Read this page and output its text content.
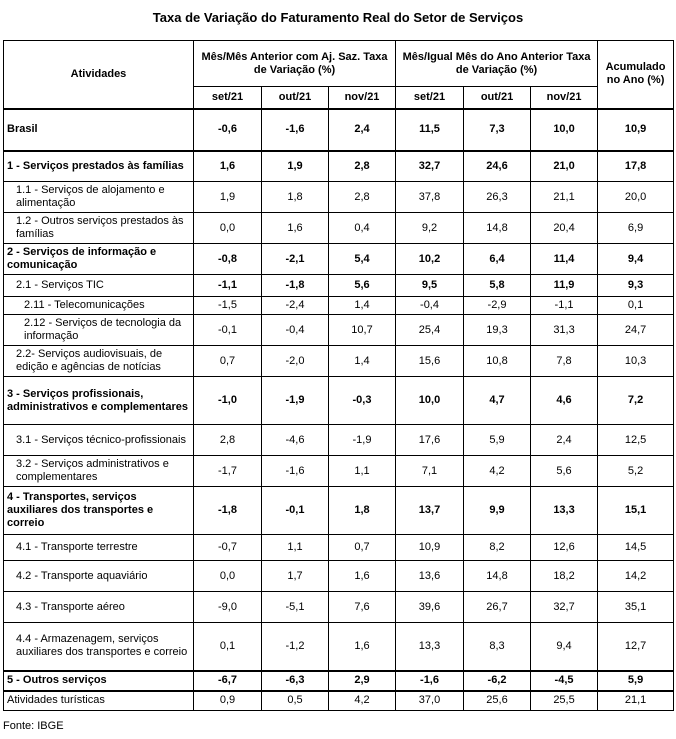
Taxa de Variação do Faturamento Real do Setor de Serviços
Atividades	Mês/Mês Anterior com Aj. Saz. Taxa de Variação (%)			Mês/Igual Mês do Ano Anterior Taxa de Variação (%)			Acumulado no Ano (%)
	set/21	out/21	nov/21	set/21	out/21	nov/21	
Brasil	-0,6	-1,6	2,4	11,5	7,3	10,0	10,9
1 - Serviços prestados às famílias	1,6	1,9	2,8	32,7	24,6	21,0	17,8
1.1 - Serviços de alojamento e alimentação	1,9	1,8	2,8	37,8	26,3	21,1	20,0
1.2 - Outros serviços prestados às famílias	0,0	1,6	0,4	9,2	14,8	20,4	6,9
2 - Serviços de informação e comunicação	-0,8	-2,1	5,4	10,2	6,4	11,4	9,4
2.1 - Serviços TIC	-1,1	-1,8	5,6	9,5	5,8	11,9	9,3
2.11 - Telecomunicações	-1,5	-2,4	1,4	-0,4	-2,9	-1,1	0,1
2.12 - Serviços de tecnologia da informação	-0,1	-0,4	10,7	25,4	19,3	31,3	24,7
2.2- Serviços audiovisuais, de edição e agências de notícias	0,7	-2,0	1,4	15,6	10,8	7,8	10,3
3 - Serviços profissionais, administrativos e complementares	-1,0	-1,9	-0,3	10,0	4,7	4,6	7,2
3.1 - Serviços técnico-profissionais	2,8	-4,6	-1,9	17,6	5,9	2,4	12,5
3.2 - Serviços administrativos e complementares	-1,7	-1,6	1,1	7,1	4,2	5,6	5,2
4 - Transportes, serviços auxiliares dos transportes e correio	-1,8	-0,1	1,8	13,7	9,9	13,3	15,1
4.1 - Transporte terrestre	-0,7	1,1	0,7	10,9	8,2	12,6	14,5
4.2 - Transporte aquaviário	0,0	1,7	1,6	13,6	14,8	18,2	14,2
4.3 - Transporte aéreo	-9,0	-5,1	7,6	39,6	26,7	32,7	35,1
4.4 - Armazenagem, serviços auxiliares dos transportes e correio	0,1	-1,2	1,6	13,3	8,3	9,4	12,7
5 - Outros serviços	-6,7	-6,3	2,9	-1,6	-6,2	-4,5	5,9
Atividades turísticas	0,9	0,5	4,2	37,0	25,6	25,5	21,1
Fonte: IBGE
